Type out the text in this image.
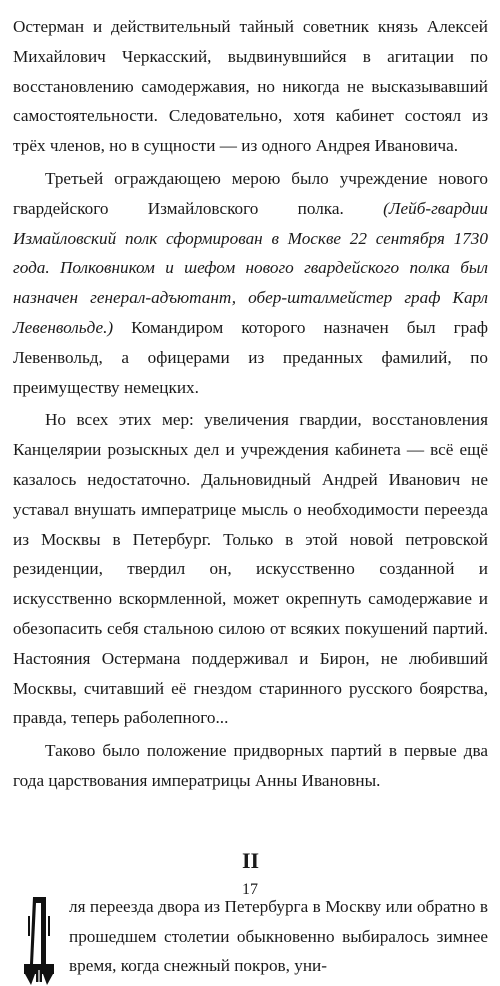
Остерман и действительный тайный советник князь Алексей Михайлович Черкасский, выдвинувшийся в агитации по восстановлению самодержавия, но никогда не высказывавший самостоятельности. Следовательно, хотя кабинет состоял из трёх членов, но в сущности — из одного Андрея Ивановича.

Третьей ограждающею мерою было учреждение нового гвардейского Измайловского полка. (Лейб-гвардии Измайловский полк сформирован в Москве 22 сентября 1730 года. Полковником и шефом нового гвардейского полка был назначен генерал-адъютант, обер-шталмейстер граф Карл Левенвольде.) Командиром которого назначен был граф Левенвольд, а офицерами из преданных фамилий, по преимуществу немецких.

Но всех этих мер: увеличения гвардии, восстановления Канцелярии розыскных дел и учреждения кабинета — всё ещё казалось недостаточно. Дальновидный Андрей Иванович не уставал внушать императрице мысль о необходимости переезда из Москвы в Петербург. Только в этой новой петровской резиденции, твердил он, искусственно созданной и искусственно вскормленной, может окрепнуть самодержавие и обезопасить себя стальною силою от всяких покушений партий. Настояния Остермана поддерживал и Бирон, не любивший Москвы, считавший её гнездом старинного русского боярства, правда, теперь раболепного...

Таково было положение придворных партий в первые два года царствования императрицы Анны Ивановны.

II

ля переезда двора из Петербурга в Москву или обратно в прошедшем столетии обыкновенно выбиралось зимнее время, когда снежный покров, уни-

17
